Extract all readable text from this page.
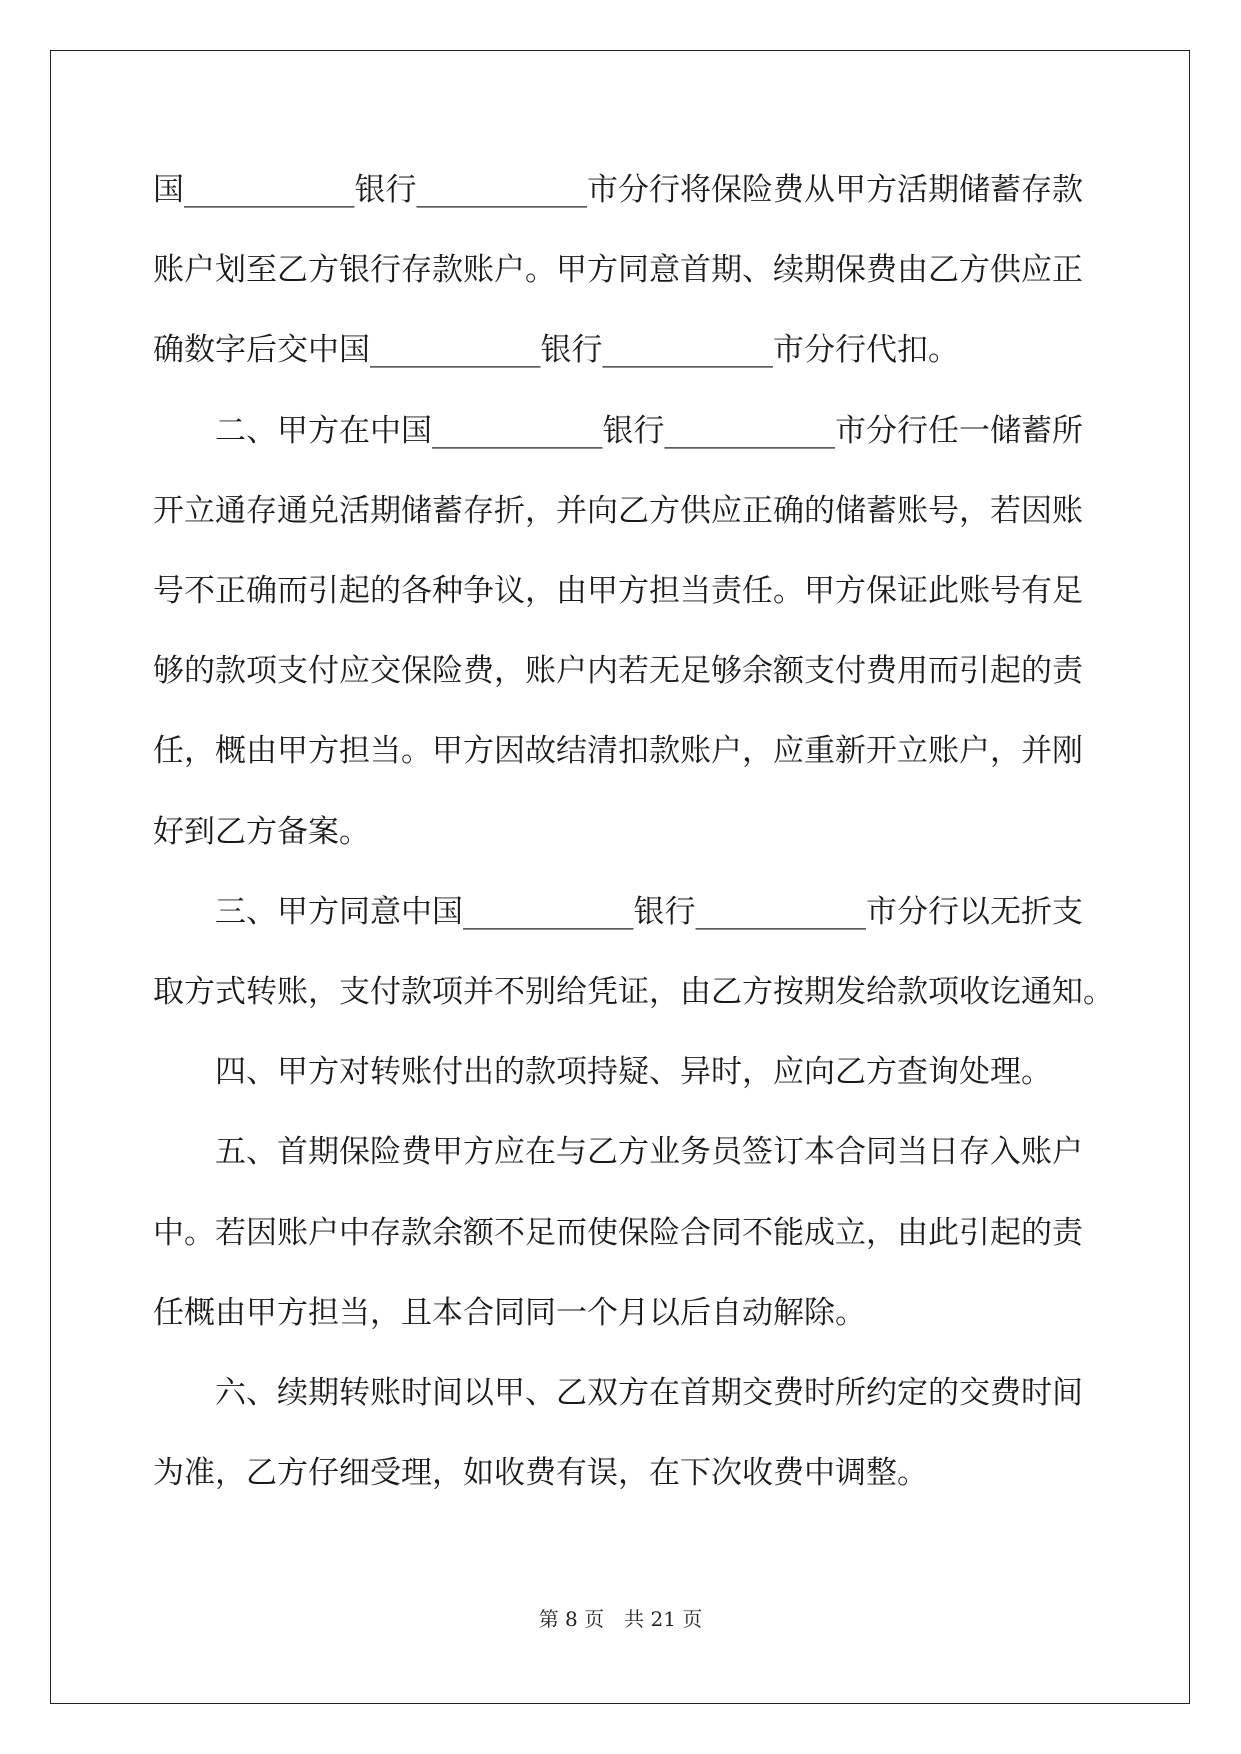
国___________银行___________市分行将保险费从甲方活期储蓄存款

账户划至乙方银行存款账户。甲方同意首期、续期保费由乙方供应正

确数字后交中国___________银行___________市分行代扣。

　　二、甲方在中国___________银行___________市分行任一储蓄所

开立通存通兑活期储蓄存折，并向乙方供应正确的储蓄账号，若因账

号不正确而引起的各种争议，由甲方担当责任。甲方保证此账号有足

够的款项支付应交保险费，账户内若无足够余额支付费用而引起的责

任，概由甲方担当。甲方因故结清扣款账户，应重新开立账户，并刚

好到乙方备案。

　　三、甲方同意中国___________银行___________市分行以无折支

取方式转账，支付款项并不别给凭证，由乙方按期发给款项收讫通知。

　　四、甲方对转账付出的款项持疑、异时，应向乙方查询处理。

　　五、首期保险费甲方应在与乙方业务员签订本合同当日存入账户

中。若因账户中存款余额不足而使保险合同不能成立，由此引起的责

任概由甲方担当，且本合同同一个月以后自动解除。

　　六、续期转账时间以甲、乙双方在首期交费时所约定的交费时间

为准，乙方仔细受理，如收费有误，在下次收费中调整。

第 8 页　共 21 页
